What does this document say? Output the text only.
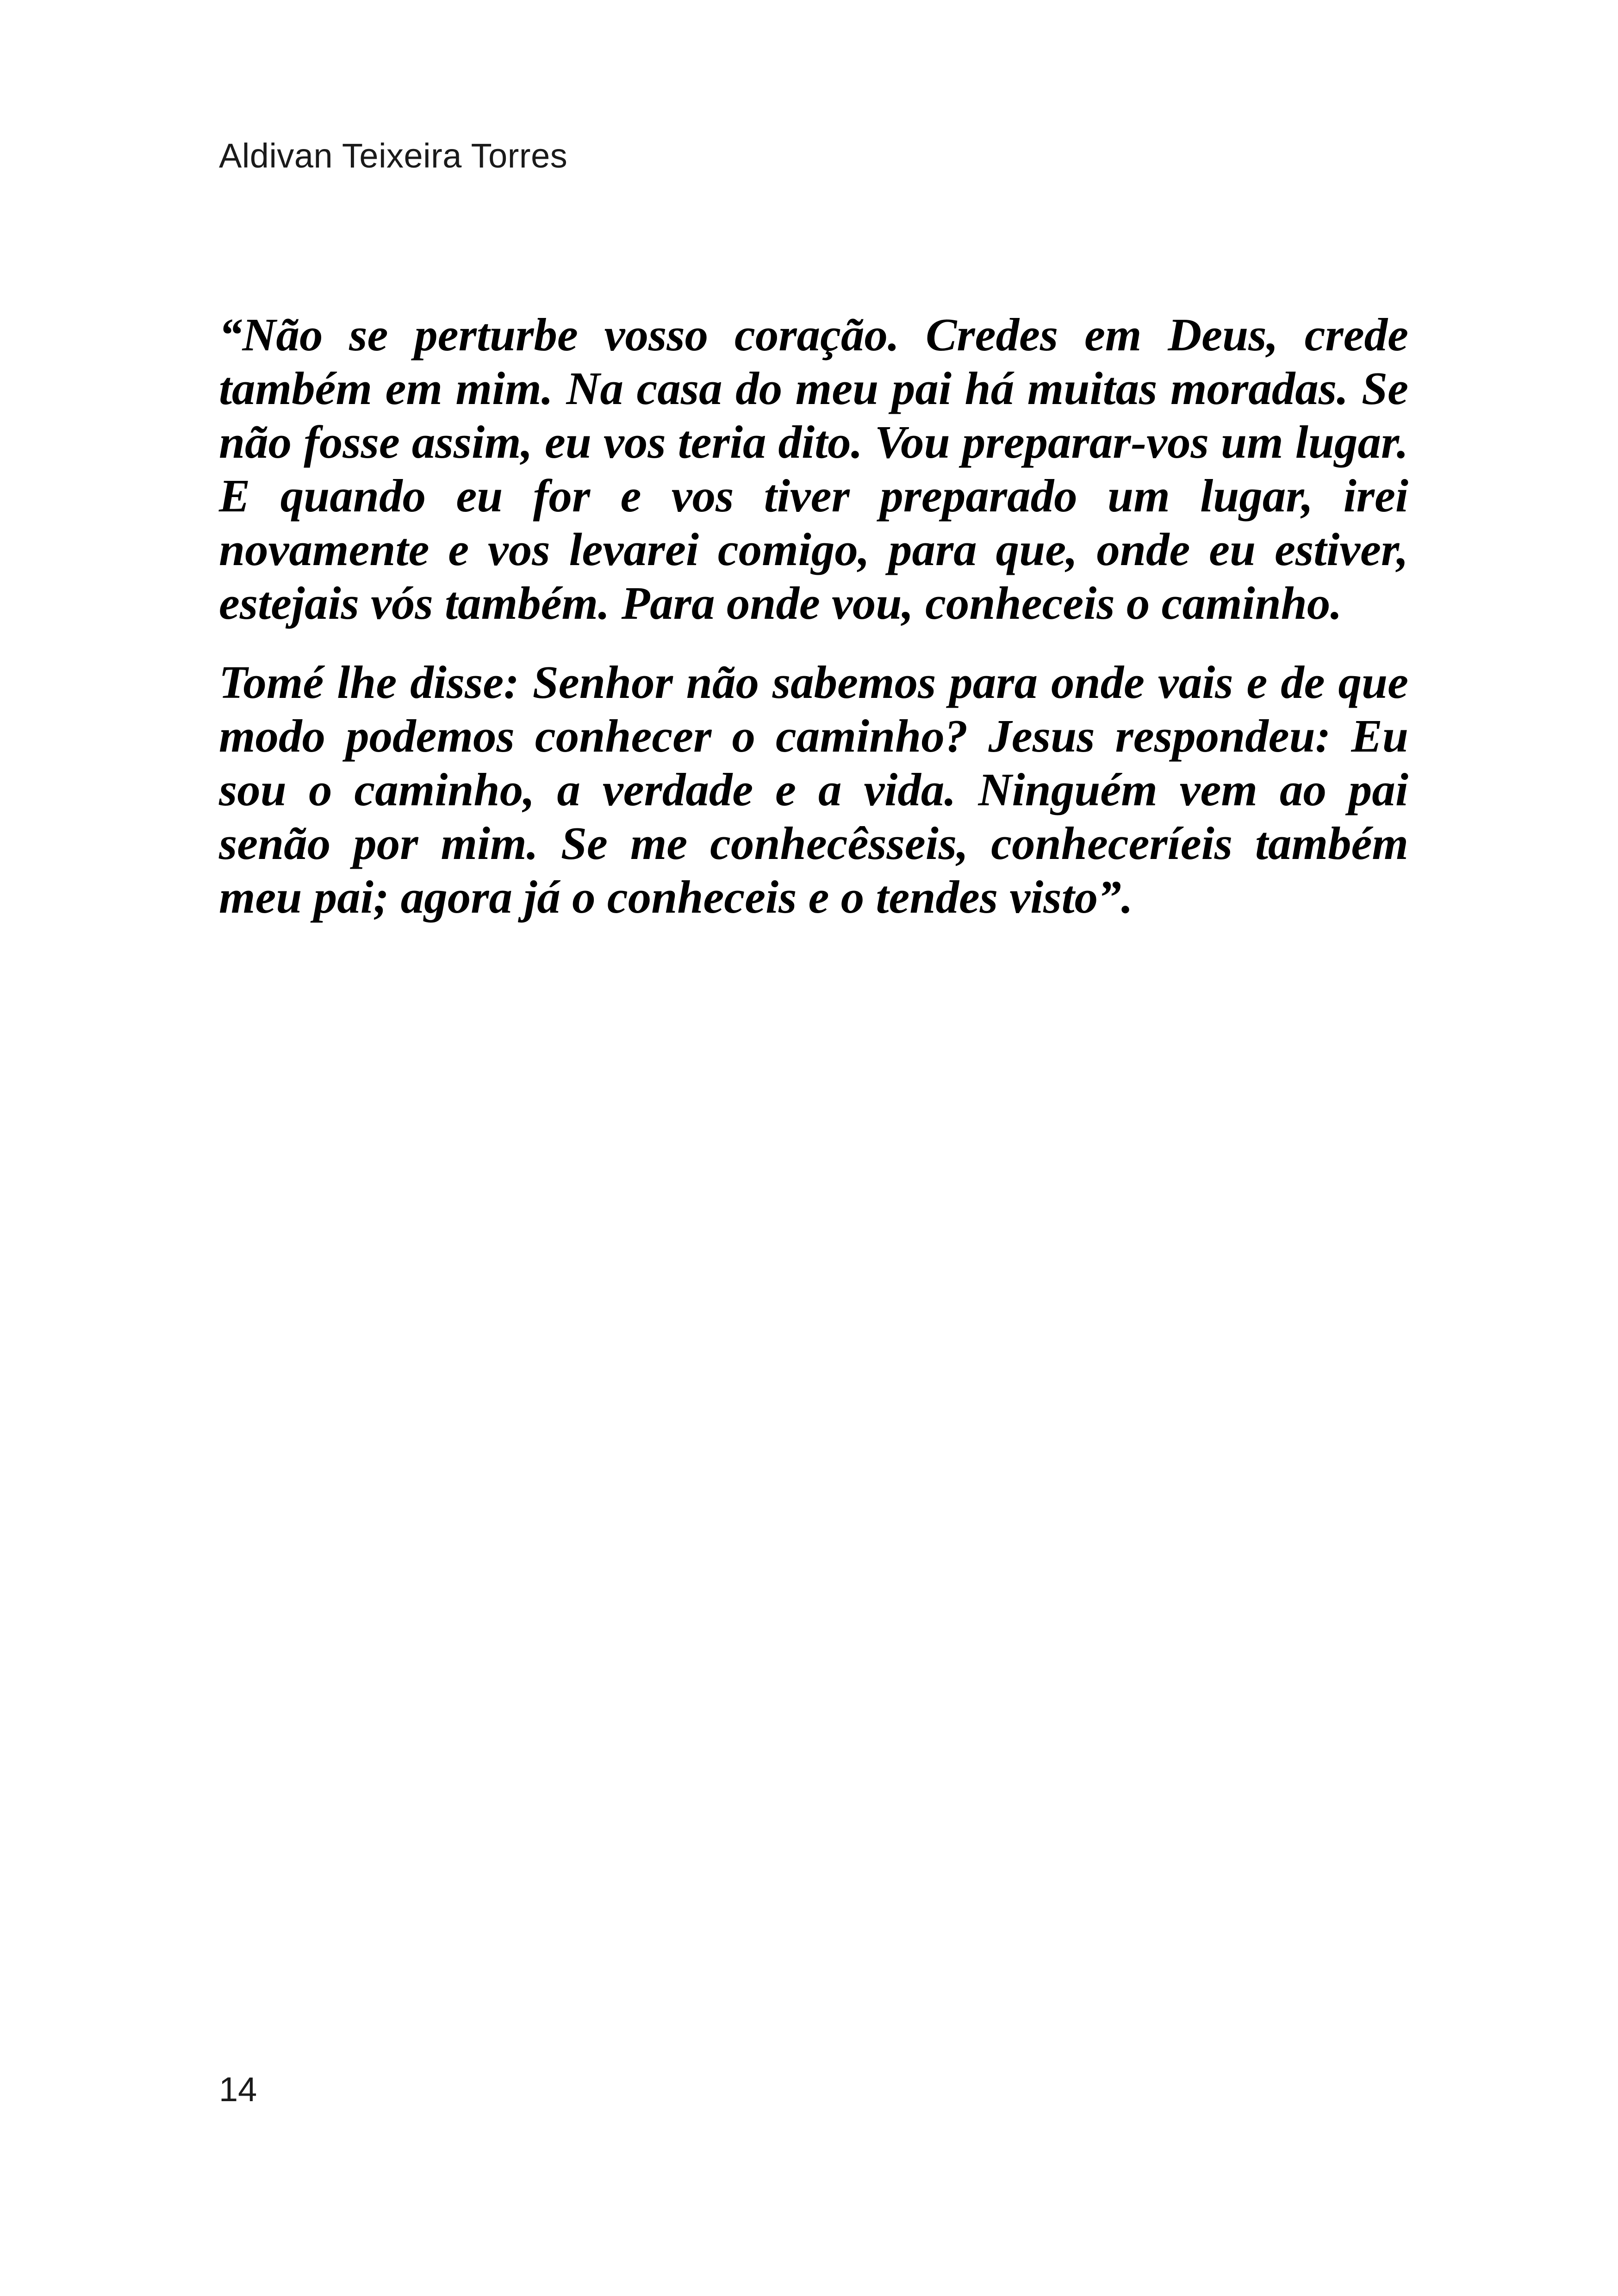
Aldivan Teixeira Torres

“Não se perturbe vosso coração. Credes em Deus, crede também em mim. Na casa do meu pai há muitas moradas. Se não fosse assim, eu vos teria dito. Vou preparar-vos um lugar. E quando eu for e vos tiver preparado um lugar, irei novamente e vos levarei comigo, para que, onde eu estiver, estejais vós também. Para onde vou, conheceis o caminho.

Tomé lhe disse: Senhor não sabemos para onde vais e de que modo podemos conhecer o caminho? Jesus respondeu: Eu sou o caminho, a verdade e a vida. Ninguém vem ao pai senão por mim. Se me conhecêsseis, conheceríeis também meu pai; agora já o conheceis e o tendes visto”.

14
